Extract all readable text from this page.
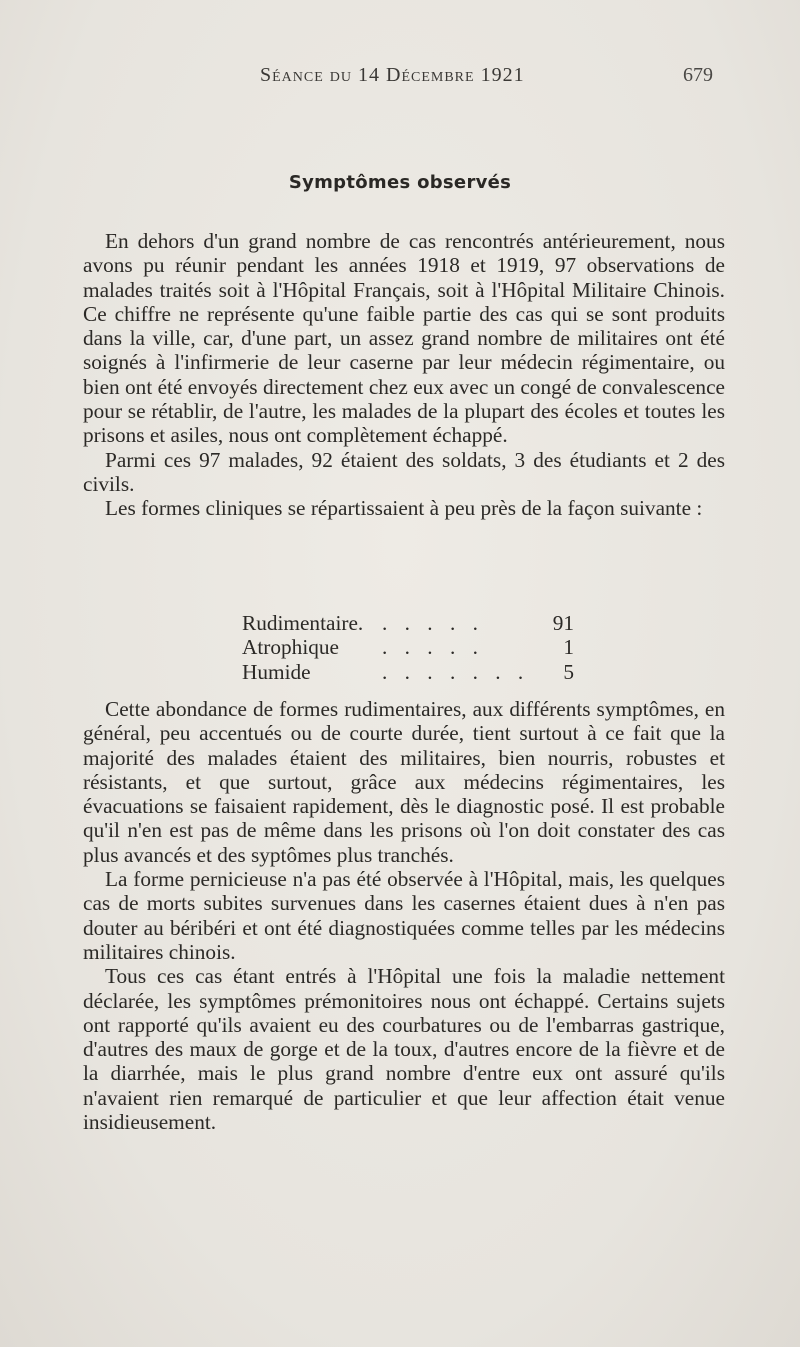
Séance du 14 Décembre 1921	679
Symptômes observés

En dehors d'un grand nombre de cas rencontrés antérieurement, nous avons pu réunir pendant les années 1918 et 1919, 97 observations de malades traités soit à l'Hôpital Français, soit à l'Hôpital Militaire Chinois. Ce chiffre ne représente qu'une faible partie des cas qui se sont produits dans la ville, car, d'une part, un assez grand nombre de militaires ont été soignés à l'infirmerie de leur caserne par leur médecin régimentaire, ou bien ont été envoyés directement chez eux avec un congé de convalescence pour se rétablir, de l'autre, les malades de la plupart des écoles et toutes les prisons et asiles, nous ont complètement échappé.

Parmi ces 97 malades, 92 étaient des soldats, 3 des étudiants et 2 des civils.

Les formes cliniques se répartissaient à peu près de la façon suivante :

Rudimentaire. . . . . .	91
Atrophique . . . . .	1
Humide	. . . . . . . 5

Cette abondance de formes rudimentaires, aux différents symptômes, en général, peu accentués ou de courte durée, tient surtout à ce fait que la majorité des malades étaient des militaires, bien nourris, robustes et résistants, et que surtout, grâce aux médecins régimentaires, les évacuations se faisaient rapidement, dès le diagnostic posé. Il est probable qu'il n'en est pas de même dans les prisons où l'on doit constater des cas plus avancés et des syptômes plus tranchés.

La forme pernicieuse n'a pas été observée à l'Hôpital, mais, les quelques cas de morts subites survenues dans les casernes étaient dues à n'en pas douter au béribéri et ont été diagnostiquées comme telles par les médecins militaires chinois.

Tous ces cas étant entrés à l'Hôpital une fois la maladie nettement déclarée, les symptômes prémonitoires nous ont échappé. Certains sujets ont rapporté qu'ils avaient eu des courbatures ou de l'embarras gastrique, d'autres des maux de gorge et de la toux, d'autres encore de la fièvre et de la diarrhée, mais le plus grand nombre d'entre eux ont assuré qu'ils n'avaient rien remarqué de particulier et que leur affection était venue insidieusement.
